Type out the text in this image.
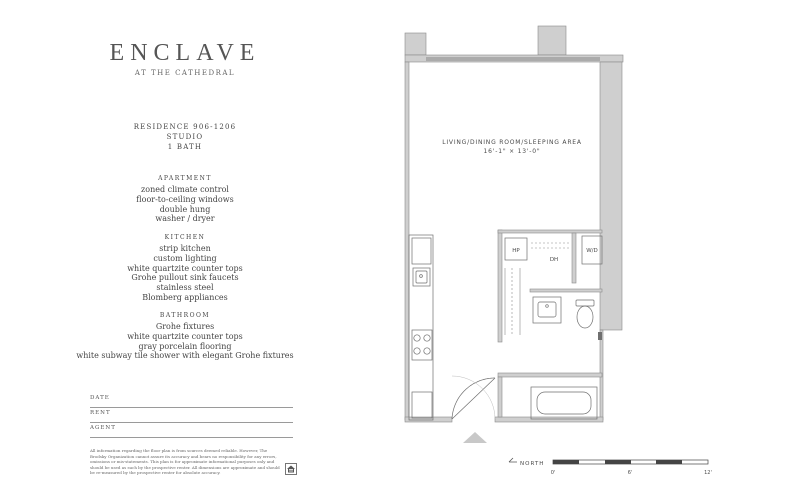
ENCLAVE
AT THE CATHEDRAL
RESIDENCE 906-1206
STUDIO
1 BATH
APARTMENT
zoned climate control
floor-to-ceiling windows
double hung
washer / dryer
KITCHEN
strip kitchen
custom lighting
white quartzite counter tops
Grohe pullout sink faucets
stainless steel
Blomberg appliances
BATHROOM
Grohe fixtures
white quartzite counter tops
gray porcelain flooring
white subway tile shower with elegant Grohe fixtures
DATE
RENT
AGENT
All information regarding the floor plan is from sources deemed reliable. However, The Brodsky Organization cannot assure its accuracy and bears no responsibility for any errors, omissions or mis-statements. This plan is for approximate informational purposes only and should be used as such by the prospective renter. All dimensions are approximate and should be re-measured by the prospective renter for absolute accuracy.
LIVING/DINING ROOM/SLEEPING AREA
16'-1" × 13'-0"
HP
DH
W/D
NORTH
0'	6'	12'
